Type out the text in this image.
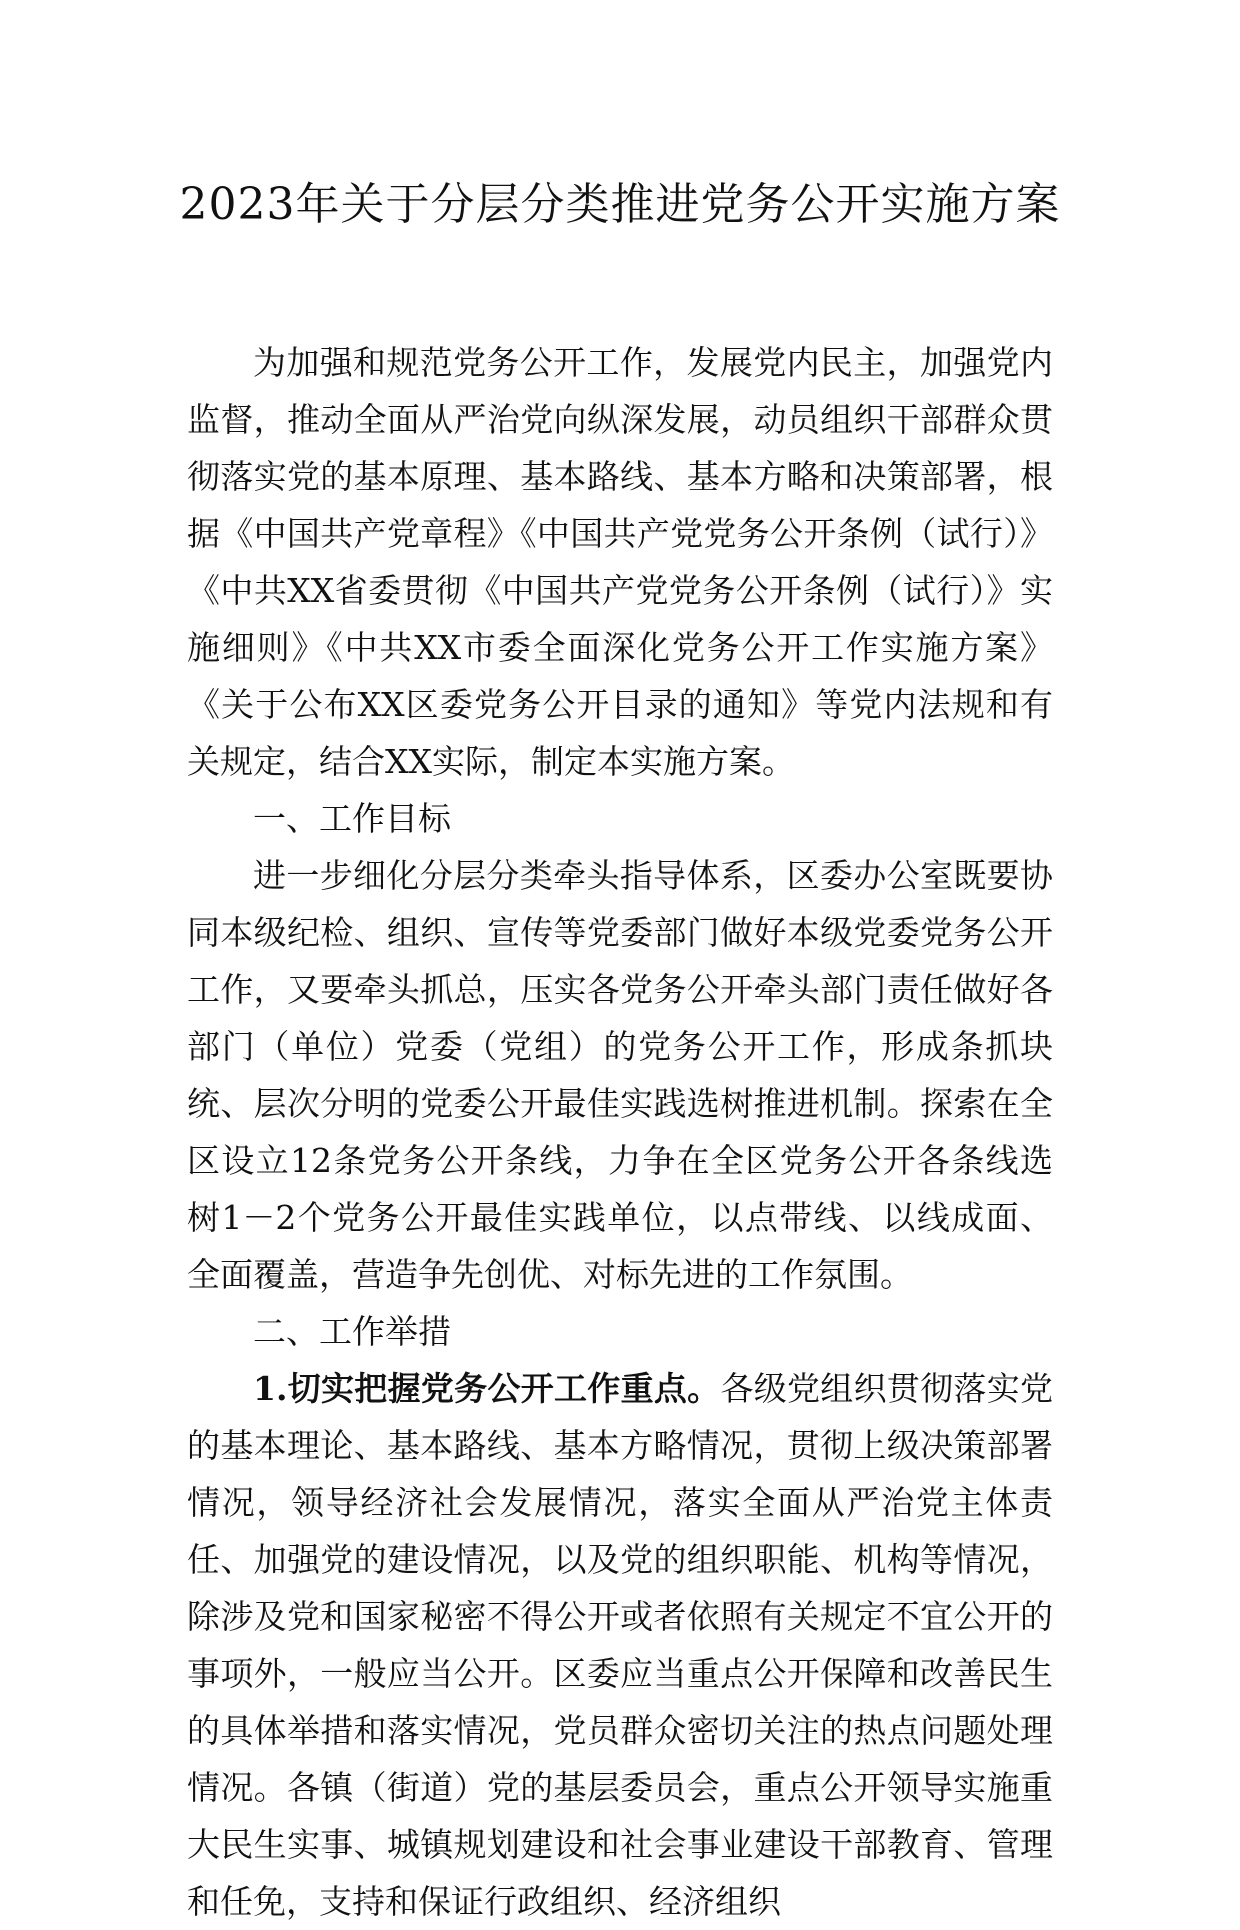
2023年关于分层分类推进党务公开实施方案

为加强和规范党务公开工作，发展党内民主，加强党内监督，推动全面从严治党向纵深发展，动员组织干部群众贯彻落实党的基本原理、基本路线、基本方略和决策部署，根据《中国共产党章程》《中国共产党党务公开条例（试行）》《中共XX省委贯彻《中国共产党党务公开条例（试行）》实施细则》《中共XX市委全面深化党务公开工作实施方案》《关于公布XX区委党务公开目录的通知》等党内法规和有关规定，结合XX实际，制定本实施方案。

一、工作目标

进一步细化分层分类牵头指导体系，区委办公室既要协同本级纪检、组织、宣传等党委部门做好本级党委党务公开工作，又要牵头抓总，压实各党务公开牵头部门责任做好各部门（单位）党委（党组）的党务公开工作，形成条抓块统、层次分明的党委公开最佳实践选树推进机制。探索在全区设立12条党务公开条线，力争在全区党务公开各条线选树1－2个党务公开最佳实践单位，以点带线、以线成面、全面覆盖，营造争先创优、对标先进的工作氛围。

二、工作举措

1.切实把握党务公开工作重点。各级党组织贯彻落实党的基本理论、基本路线、基本方略情况，贯彻上级决策部署情况，领导经济社会发展情况，落实全面从严治党主体责任、加强党的建设情况，以及党的组织职能、机构等情况，除涉及党和国家秘密不得公开或者依照有关规定不宜公开的事项外，一般应当公开。区委应当重点公开保障和改善民生的具体举措和落实情况，党员群众密切关注的热点问题处理情况。各镇（街道）党的基层委员会，重点公开领导实施重大民生实事、城镇规划建设和社会事业建设干部教育、管理和任免，支持和保证行政组织、经济组织
